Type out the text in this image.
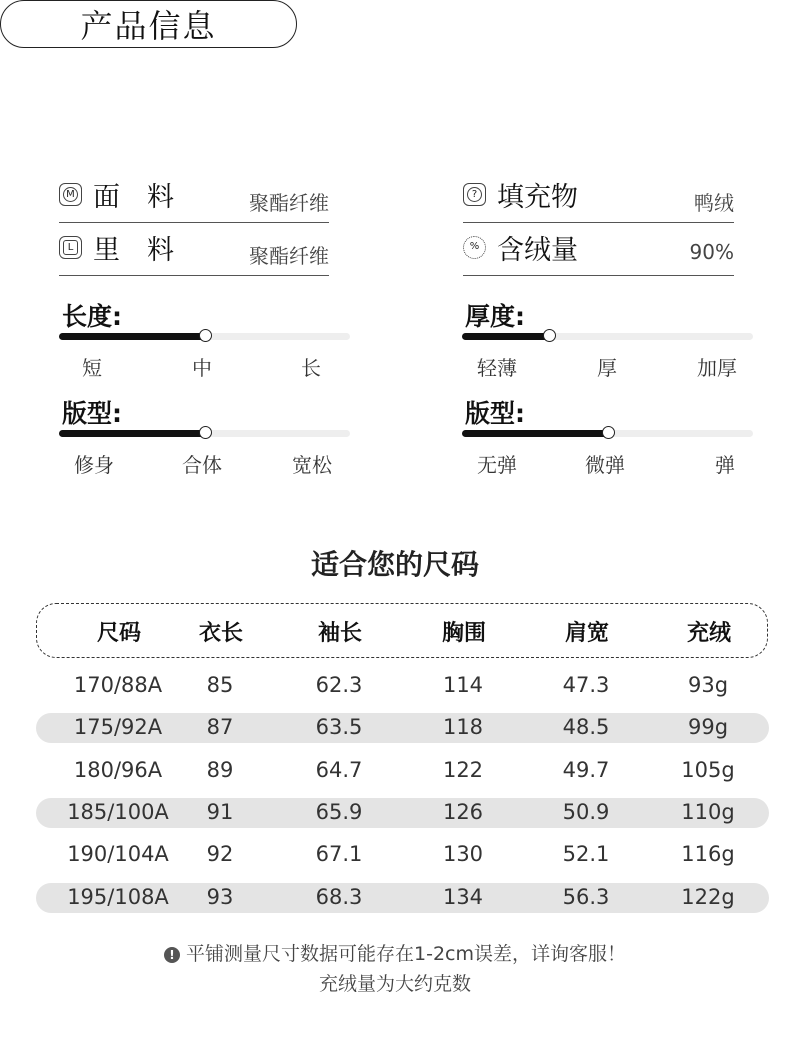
产品信息
M 面　料	聚酯纤维
L 里　料	聚酯纤维
? 填充物	鸭绒
% 含绒量	90%
长度:
短	中	长
厚度:
轻薄	厚	加厚
版型:
修身	合体	宽松
版型:
无弹	微弹	弹
适合您的尺码
尺码	衣长	袖长	胸围	肩宽	充绒
170/88A 85	62.3	114	47.3	93g
175/92A 87	63.5	118	48.5	99g
180/96A 89	64.7	122	49.7	105g
185/100A 91	65.9	126	50.9	110g
190/104A 92	67.1	130	52.1	116g
195/108A 93	68.3	134	56.3	122g
! 平铺测量尺寸数据可能存在1-2cm误差，详询客服！
充绒量为大约克数
